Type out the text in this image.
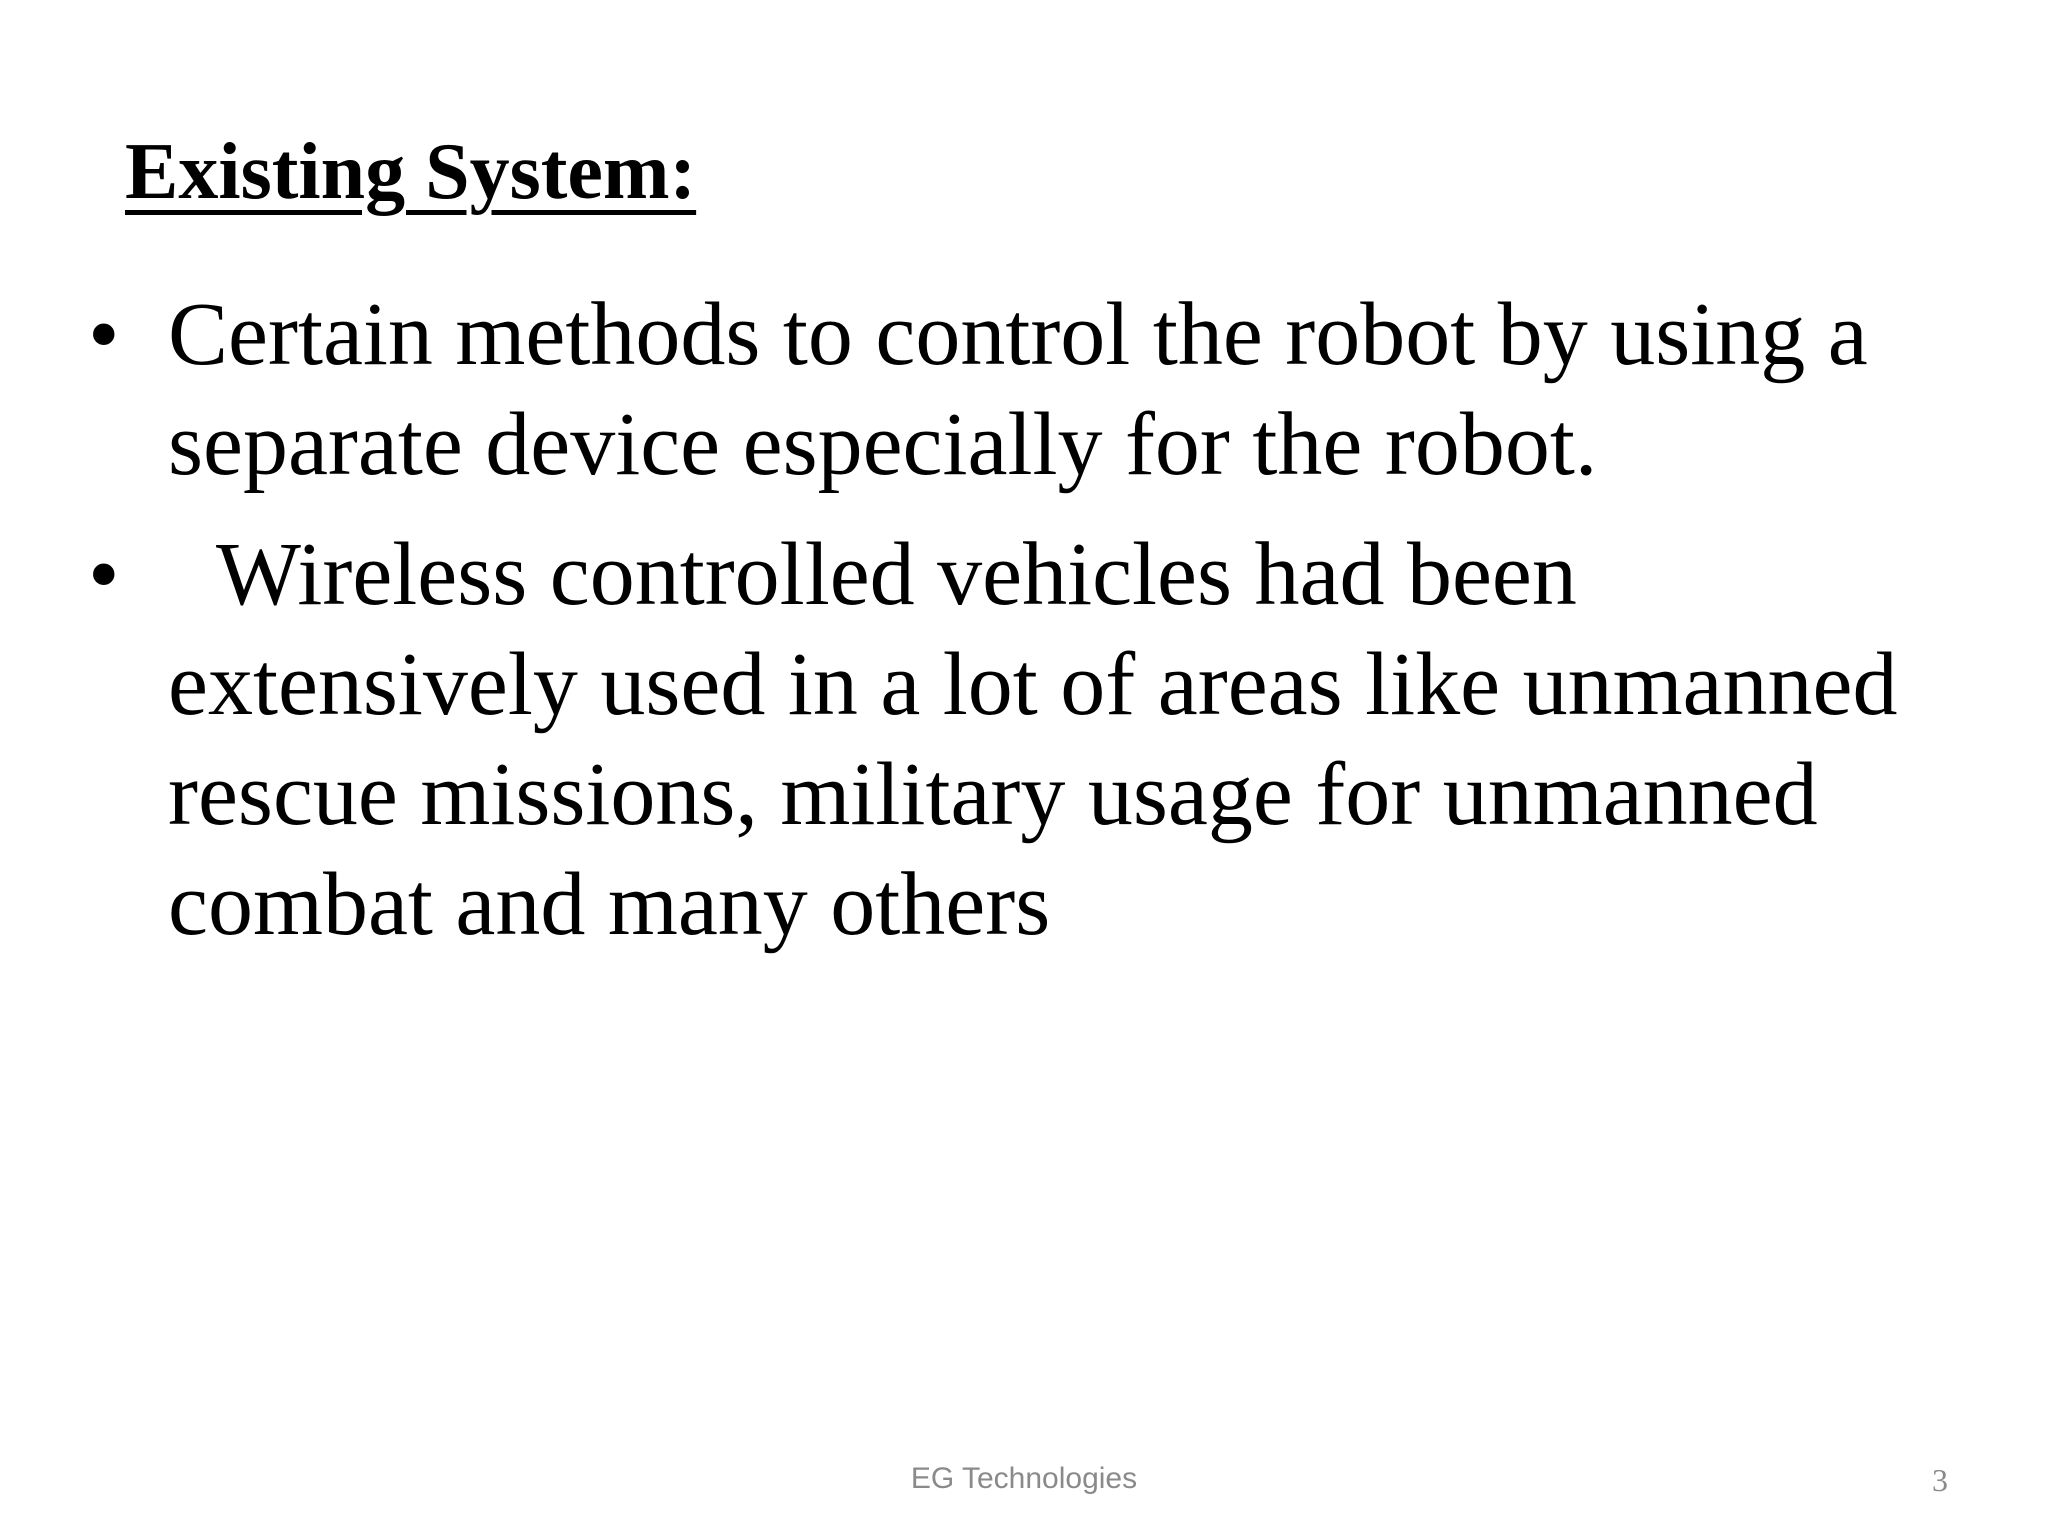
Existing System:
• Certain methods to control the robot by using a
separate device especially for the robot.
•	Wireless controlled vehicles had been
extensively used in a lot of areas like unmanned
rescue missions, military usage for unmanned
combat and many others
EG Technologies	3
